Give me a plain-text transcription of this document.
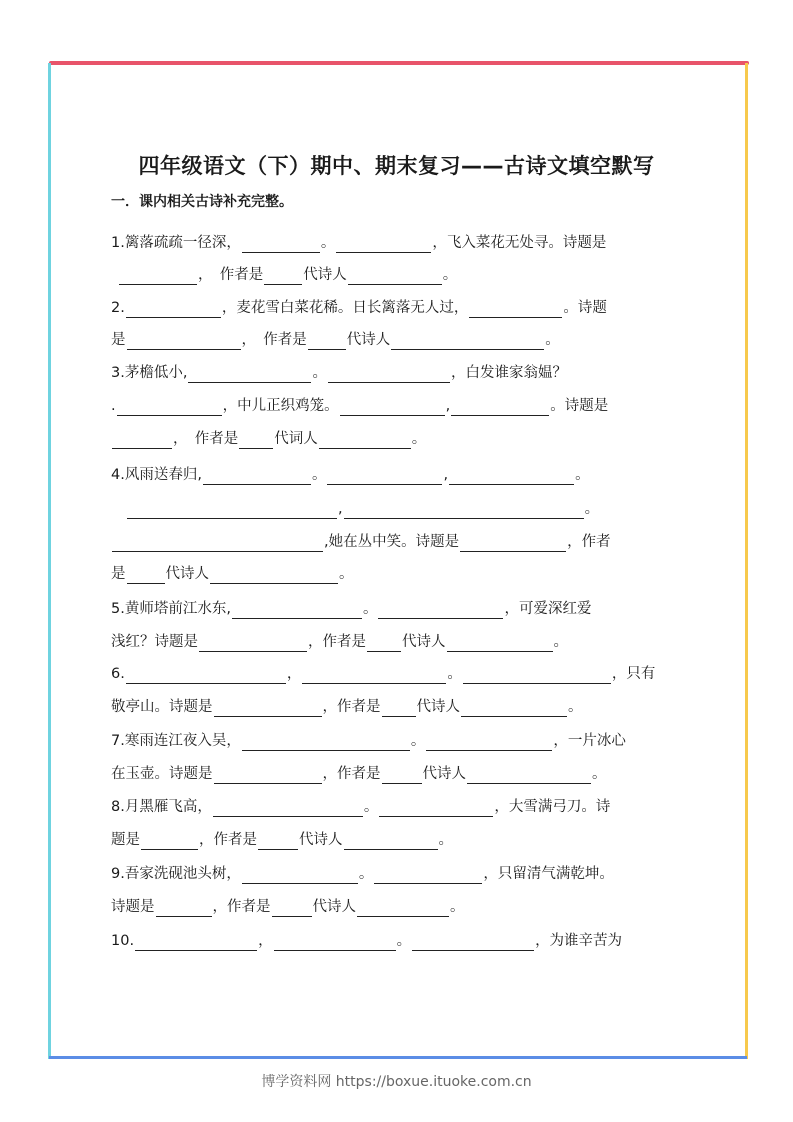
四年级语文（下）期中、期末复习——古诗文填空默写
一．课内相关古诗补充完整。
1.篱落疏疏一径深，	。	，飞入菜花无处寻。诗题是
，　作者是	代诗人	。
2.	，麦花雪白菜花稀。日长篱落无人过，	。诗题
是	，　作者是	代诗人	。
3.茅檐低小,	。	，白发谁家翁媪？
.	，中儿正织鸡笼。	,	。诗题是
，　作者是 代词人	。
4.风雨送春归,	。	,	。
,	。
,她在丛中笑。诗题是	，作者
是	代诗人	。
5.黄师塔前江水东,	。	，可爱深红爱
浅红？诗题是	，作者是 代诗人	。
6.	，	。	，只有
敬亭山。诗题是	，作者是 代诗人	。
7.寒雨连江夜入吴，	。	，一片冰心
在玉壶。诗题是	，作者是	代诗人	。
8.月黑雁飞高，	。	，大雪满弓刀。诗
题是	，作者是	代诗人	。
9.吾家洗砚池头树，	。	，只留清气满乾坤。
诗题是	，作者是	代诗人	。
10.	，	。	，为谁辛苦为
博学资料网 https://boxue.ituoke.com.cn
